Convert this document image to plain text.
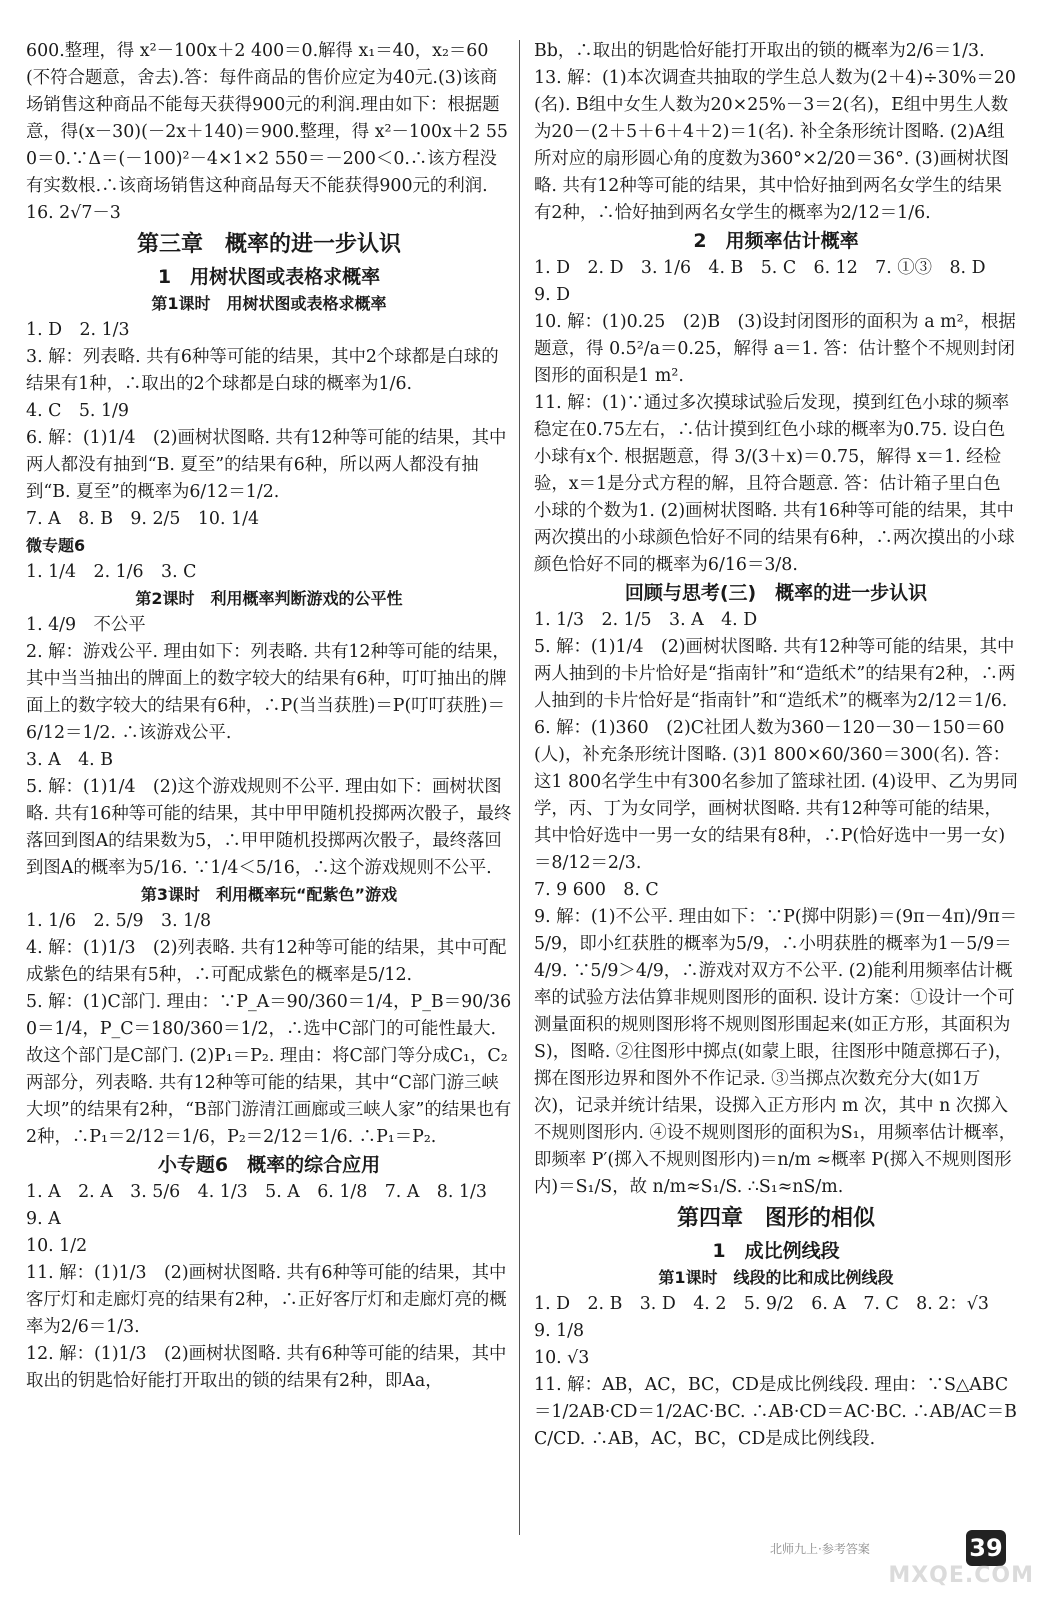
600.整理，得 x²－100x＋2 400＝0.解得 x₁＝40，x₂＝60(不符合题意，舍去).答：每件商品的售价应定为40元.(3)该商场销售这种商品不能每天获得900元的利润.理由如下：根据题意，得(x－30)(－2x＋140)＝900.整理，得 x²－100x＋2 550＝0.∵Δ＝(－100)²－4×1×2 550＝－200＜0.∴该方程没有实数根.∴该商场销售这种商品每天不能获得900元的利润.

16. 2√7－3

第三章　概率的进一步认识
1　用树状图或表格求概率
第1课时　用树状图或表格求概率

1. D　2. 1/3

3. 解：列表略. 共有6种等可能的结果，其中2个球都是白球的结果有1种，∴取出的2个球都是白球的概率为1/6.

4. C　5. 1/9

6. 解：(1)1/4　(2)画树状图略. 共有12种等可能的结果，其中两人都没有抽到“B. 夏至”的结果有6种，所以两人都没有抽到“B. 夏至”的概率为6/12＝1/2.

7. A　8. B　9. 2/5　10. 1/4

微专题6

1. 1/4　2. 1/6　3. C

第2课时　利用概率判断游戏的公平性

1. 4/9　不公平

2. 解：游戏公平. 理由如下：列表略. 共有12种等可能的结果，其中当当抽出的牌面上的数字较大的结果有6种，叮叮抽出的牌面上的数字较大的结果有6种，∴P(当当获胜)＝P(叮叮获胜)＝6/12＝1/2. ∴该游戏公平.

3. A　4. B

5. 解：(1)1/4　(2)这个游戏规则不公平. 理由如下：画树状图略. 共有16种等可能的结果，其中甲甲随机投掷两次骰子，最终落回到图A的结果数为5，∴甲甲随机投掷两次骰子，最终落回到图A的概率为5/16. ∵1/4＜5/16，∴这个游戏规则不公平.

第3课时　利用概率玩“配紫色”游戏

1. 1/6　2. 5/9　3. 1/8

4. 解：(1)1/3　(2)列表略. 共有12种等可能的结果，其中可配成紫色的结果有5种，∴可配成紫色的概率是5/12.

5. 解：(1)C部门. 理由：∵P_A＝90/360＝1/4，P_B＝90/360＝1/4，P_C＝180/360＝1/2，∴选中C部门的可能性最大. 故这个部门是C部门. (2)P₁＝P₂. 理由：将C部门等分成C₁，C₂两部分，列表略. 共有12种等可能的结果，其中“C部门游三峡大坝”的结果有2种，“B部门游清江画廊或三峡人家”的结果也有2种，∴P₁＝2/12＝1/6，P₂＝2/12＝1/6. ∴P₁＝P₂.

小专题6　概率的综合应用

1. A　2. A　3. 5/6　4. 1/3　5. A　6. 1/8　7. A　8. 1/3　9. A

10. 1/2

11. 解：(1)1/3　(2)画树状图略. 共有6种等可能的结果，其中客厅灯和走廊灯亮的结果有2种，∴正好客厅灯和走廊灯亮的概率为2/6＝1/3.

12. 解：(1)1/3　(2)画树状图略. 共有6种等可能的结果，其中取出的钥匙恰好能打开取出的锁的结果有2种，即Aa，

Bb，∴取出的钥匙恰好能打开取出的锁的概率为2/6＝1/3.

13. 解：(1)本次调查共抽取的学生总人数为(2＋4)÷30%＝20(名). B组中女生人数为20×25%－3＝2(名)，E组中男生人数为20－(2＋5＋6＋4＋2)＝1(名). 补全条形统计图略. (2)A组所对应的扇形圆心角的度数为360°×2/20＝36°. (3)画树状图略. 共有12种等可能的结果，其中恰好抽到两名女学生的结果有2种，∴恰好抽到两名女学生的概率为2/12＝1/6.

2　用频率估计概率

1. D　2. D　3. 1/6　4. B　5. C　6. 12　7. ①③　8. D　9. D

10. 解：(1)0.25　(2)B　(3)设封闭图形的面积为 a m²，根据题意，得 0.5²/a＝0.25，解得 a＝1. 答：估计整个不规则封闭图形的面积是1 m².

11. 解：(1)∵通过多次摸球试验后发现，摸到红色小球的频率稳定在0.75左右，∴估计摸到红色小球的概率为0.75. 设白色小球有x个. 根据题意，得 3/(3＋x)＝0.75，解得 x＝1. 经检验，x＝1是分式方程的解，且符合题意. 答：估计箱子里白色小球的个数为1. (2)画树状图略. 共有16种等可能的结果，其中两次摸出的小球颜色恰好不同的结果有6种，∴两次摸出的小球颜色恰好不同的概率为6/16＝3/8.

回顾与思考(三)　概率的进一步认识

1. 1/3　2. 1/5　3. A　4. D

5. 解：(1)1/4　(2)画树状图略. 共有12种等可能的结果，其中两人抽到的卡片恰好是“指南针”和“造纸术”的结果有2种，∴两人抽到的卡片恰好是“指南针”和“造纸术”的概率为2/12＝1/6.

6. 解：(1)360　(2)C社团人数为360－120－30－150＝60(人)，补充条形统计图略. (3)1 800×60/360＝300(名). 答：这1 800名学生中有300名参加了篮球社团. (4)设甲、乙为男同学，丙、丁为女同学，画树状图略. 共有12种等可能的结果，其中恰好选中一男一女的结果有8种，∴P(恰好选中一男一女)＝8/12＝2/3.

7. 9 600　8. C

9. 解：(1)不公平. 理由如下：∵P(掷中阴影)＝(9π－4π)/9π＝5/9，即小红获胜的概率为5/9，∴小明获胜的概率为1－5/9＝4/9. ∵5/9＞4/9，∴游戏对双方不公平. (2)能利用频率估计概率的试验方法估算非规则图形的面积. 设计方案：①设计一个可测量面积的规则图形将不规则图形围起来(如正方形，其面积为S)，图略. ②往图形中掷点(如蒙上眼，往图形中随意掷石子)，掷在图形边界和图外不作记录. ③当掷点次数充分大(如1万次)，记录并统计结果，设掷入正方形内 m 次，其中 n 次掷入不规则图形内. ④设不规则图形的面积为S₁，用频率估计概率，即频率 P′(掷入不规则图形内)＝n/m ≈概率 P(掷入不规则图形内)＝S₁/S，故 n/m≈S₁/S. ∴S₁≈nS/m.

第四章　图形的相似
1　成比例线段
第1课时　线段的比和成比例线段

1. D　2. B　3. D　4. 2　5. 9/2　6. A　7. C　8. 2：√3　9. 1/8

10. √3

11. 解：AB，AC，BC，CD是成比例线段. 理由：∵S△ABC＝1/2AB·CD＝1/2AC·BC. ∴AB·CD＝AC·BC. ∴AB/AC＝BC/CD. ∴AB，AC，BC，CD是成比例线段.

北师九上·参考答案	39
MXQE.COM
